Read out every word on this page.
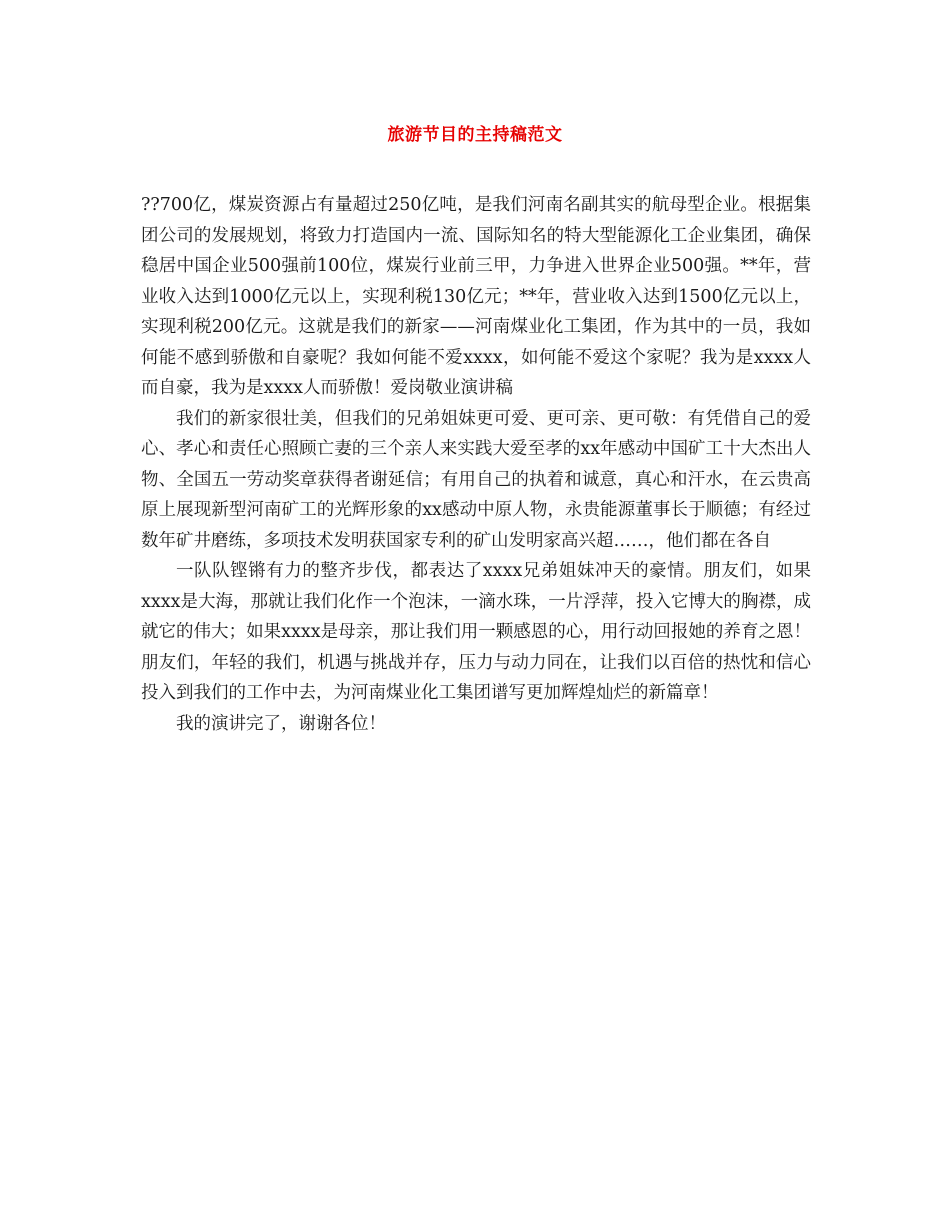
旅游节目的主持稿范文

??700亿，煤炭资源占有量超过250亿吨，是我们河南名副其实的航母型企业。根据集团公司的发展规划，将致力打造国内一流、国际知名的特大型能源化工企业集团，确保稳居中国企业500强前100位，煤炭行业前三甲，力争进入世界企业500强。**年，营业收入达到1000亿元以上，实现利税130亿元；**年，营业收入达到1500亿元以上，实现利税200亿元。这就是我们的新家——河南煤业化工集团，作为其中的一员，我如何能不感到骄傲和自豪呢？我如何能不爱xxxx，如何能不爱这个家呢？我为是xxxx人而自豪，我为是xxxx人而骄傲！爱岗敬业演讲稿

我们的新家很壮美，但我们的兄弟姐妹更可爱、更可亲、更可敬：有凭借自己的爱心、孝心和责任心照顾亡妻的三个亲人来实践大爱至孝的xx年感动中国矿工十大杰出人物、全国五一劳动奖章获得者谢延信；有用自己的执着和诚意，真心和汗水，在云贵高原上展现新型河南矿工的光辉形象的xx感动中原人物，永贵能源董事长于顺德；有经过数年矿井磨练，多项技术发明获国家专利的矿山发明家高兴超……，他们都在各自

一队队铿锵有力的整齐步伐，都表达了xxxx兄弟姐妹冲天的豪情。朋友们，如果xxxx是大海，那就让我们化作一个泡沫，一滴水珠，一片浮萍，投入它博大的胸襟，成就它的伟大；如果xxxx是母亲，那让我们用一颗感恩的心，用行动回报她的养育之恩！朋友们，年轻的我们，机遇与挑战并存，压力与动力同在，让我们以百倍的热忱和信心投入到我们的工作中去，为河南煤业化工集团谱写更加辉煌灿烂的新篇章！

我的演讲完了，谢谢各位！
